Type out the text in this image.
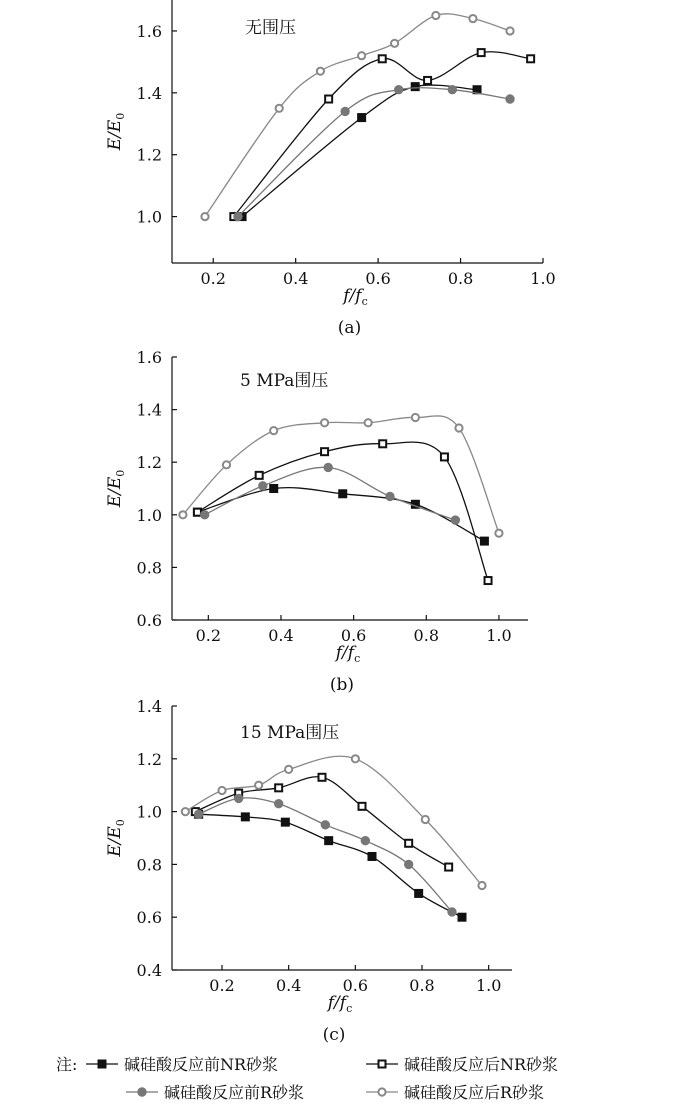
0.2	0.4	0.6	0.8	1.0
1.0
1.2
1.4
1.6
$f/f_c$
$E/E_0$
(a)
无围压
0.2	0.4	0.6	0.8	1.0
0.6
0.8
1.0
1.2
1.4
1.6
$f/f_c$
$E/E_0$
(b)
5 MPa围压
0.2	0.4	0.6	0.8	1.0
0.4
0.6
0.8
1.0
1.2
1.4
$f/f_c$
$E/E_0$
(c)
15 MPa围压
注:	碱硅酸反应前NR砂浆	碱硅酸反应后NR砂浆
碱硅酸反应前R砂浆	碱硅酸反应后R砂浆
